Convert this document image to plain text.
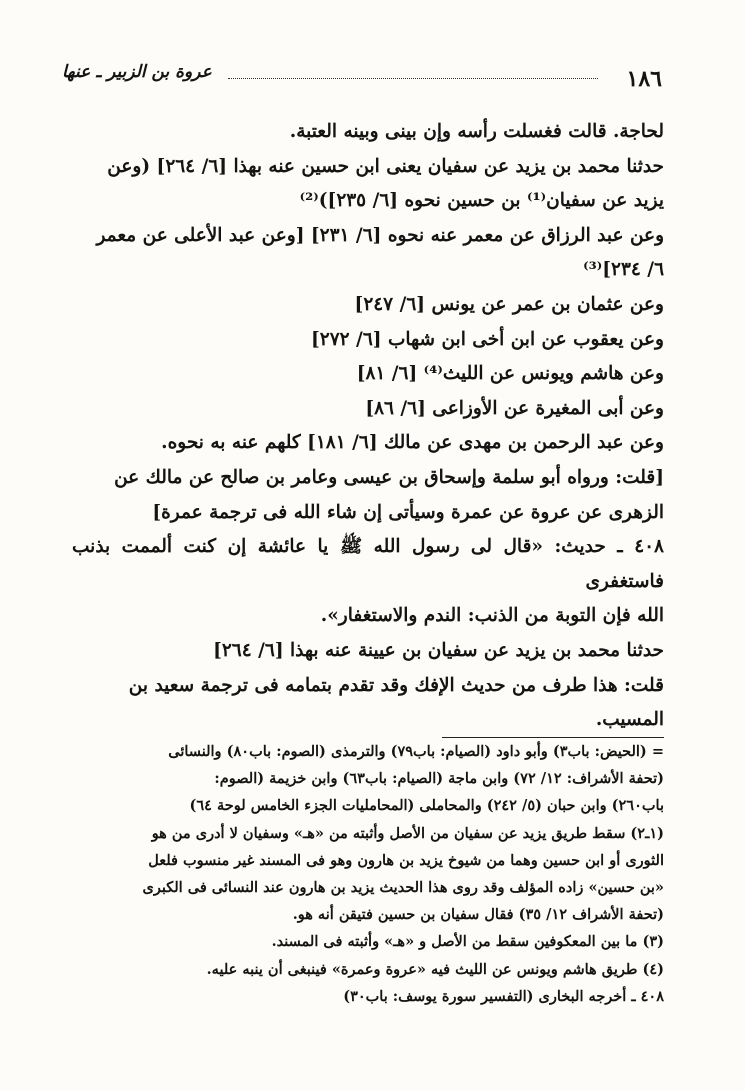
١٨٦
عروة بن الزبير ـ عنها

لحاجة. قالت فغسلت رأسه وإن بينى وبينه العتبة.

حدثنا محمد بن يزيد عن سفيان يعنى ابن حسين عنه بهذا [٦/ ٢٦٤] (وعن

يزيد عن سفيان⁽¹⁾ بن حسين نحوه [٦/ ٢٣٥])⁽²⁾

وعن عبد الرزاق عن معمر عنه نحوه [٦/ ٢٣١] [وعن عبد الأعلى عن معمر

٦/ ٢٣٤]⁽³⁾

وعن عثمان بن عمر عن يونس [٦/ ٢٤٧]

وعن يعقوب عن ابن أخى ابن شهاب [٦/ ٢٧٢]

وعن هاشم ويونس عن الليث⁽⁴⁾ [٦/ ٨١]

وعن أبى المغيرة عن الأوزاعى [٦/ ٨٦]

وعن عبد الرحمن بن مهدى عن مالك [٦/ ١٨١] كلهم عنه به نحوه.

[قلت: ورواه أبو سلمة وإسحاق بن عيسى وعامر بن صالح عن مالك عن

الزهرى عن عروة عن عمرة وسيأتى إن شاء الله فى ترجمة عمرة]

٤٠٨ ـ حديث: «قال لى رسول الله ﷺ يا عائشة إن كنت ألممت بذنب فاستغفرى

الله فإن التوبة من الذنب: الندم والاستغفار».

حدثنا محمد بن يزيد عن سفيان بن عيينة عنه بهذا [٦/ ٢٦٤]

قلت: هذا طرف من حديث الإفك وقد تقدم بتمامه فى ترجمة سعيد بن

المسيب.

= (الحيض: باب٣) وأبو داود (الصيام: باب٧٩) والترمذى (الصوم: باب٨٠) والنسائى

(تحفة الأشراف: ١٢/ ٧٢) وابن ماجة (الصيام: باب٦٣) وابن خزيمة (الصوم:

باب٢٦٠) وابن حبان (٥/ ٢٤٢) والمحاملى (المحامليات الجزء الخامس لوحة ٦٤)

(١ـ٢) سقط طريق يزيد عن سفيان من الأصل وأثبته من «هـ» وسفيان لا أدرى من هو

الثورى أو ابن حسين وهما من شيوخ يزيد بن هارون وهو فى المسند غير منسوب فلعل

«بن حسين» زاده المؤلف وقد روى هذا الحديث يزيد بن هارون عند النسائى فى الكبرى

(تحفة الأشراف ١٢/ ٣٥) فقال سفيان بن حسين فتيقن أنه هو.

(٣) ما بين المعكوفين سقط من الأصل و «هـ» وأثبته فى المسند.

(٤) طريق هاشم ويونس عن الليث فيه «عروة وعمرة» فينبغى أن ينبه عليه.

٤٠٨ ـ أخرجه البخارى (التفسير سورة يوسف: باب٣٠)
